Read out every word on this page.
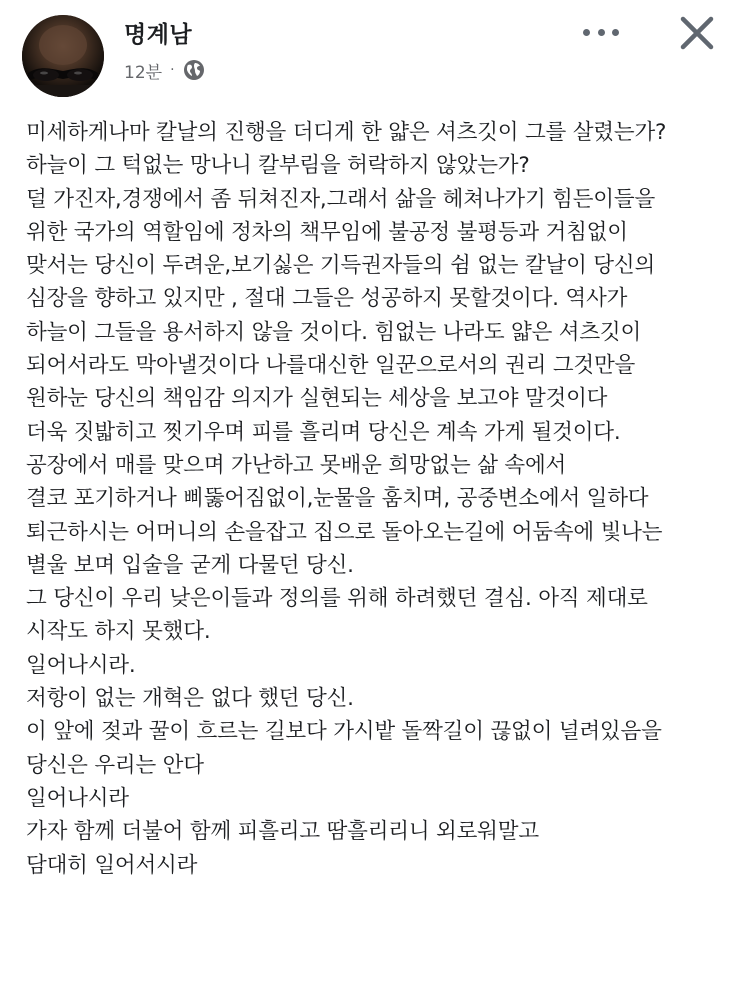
명계남
12분 ·
미세하게나마 칼날의 진행을 더디게 한 얇은 셔츠깃이 그를 살렸는가?
하늘이 그 턱없는 망나니 칼부림을 허락하지 않았는가?
덜 가진자,경쟁에서 좀 뒤쳐진자,그래서 삶을 헤쳐나가기 힘든이들을
위한 국가의 역할임에 정차의 책무임에 불공정 불평등과 거침없이
맞서는 당신이 두려운,보기싫은 기득권자들의 쉼 없는 칼날이 당신의
심장을 향하고 있지만 , 절대 그들은 성공하지 못할것이다. 역사가
하늘이 그들을 용서하지 않을 것이다. 힘없는 나라도 얇은 셔츠깃이
되어서라도 막아낼것이다 나를대신한 일꾼으로서의 권리 그것만을
원하눈 당신의 책임감 의지가 실현되는 세상을 보고야 말것이다
더욱 짓밟히고 찟기우며 피를 흘리며 당신은 계속 가게 될것이다.
공장에서 매를 맞으며 가난하고 못배운 희망없는 삶 속에서
결코 포기하거나 삐뚫어짐없이,눈물을 훔치며, 공중변소에서 일하다
퇴근하시는 어머니의 손을잡고 집으로 돌아오는길에 어둠속에 빛나는
별울 보며 입술을 굳게 다물던 당신.
그 당신이 우리 낮은이들과 정의를 위해 하려했던 결심. 아직 제대로
시작도 하지 못했다.
일어나시라.
저항이 없는 개혁은 없다 했던 당신.
이 앞에 젖과 꿀이 흐르는 길보다 가시밭 돌짝길이 끊없이 널려있음을
당신은 우리는 안다
일어나시라
가자 함께 더불어 함께 피흘리고 땀흘리리니 외로워말고
담대히 일어서시라
